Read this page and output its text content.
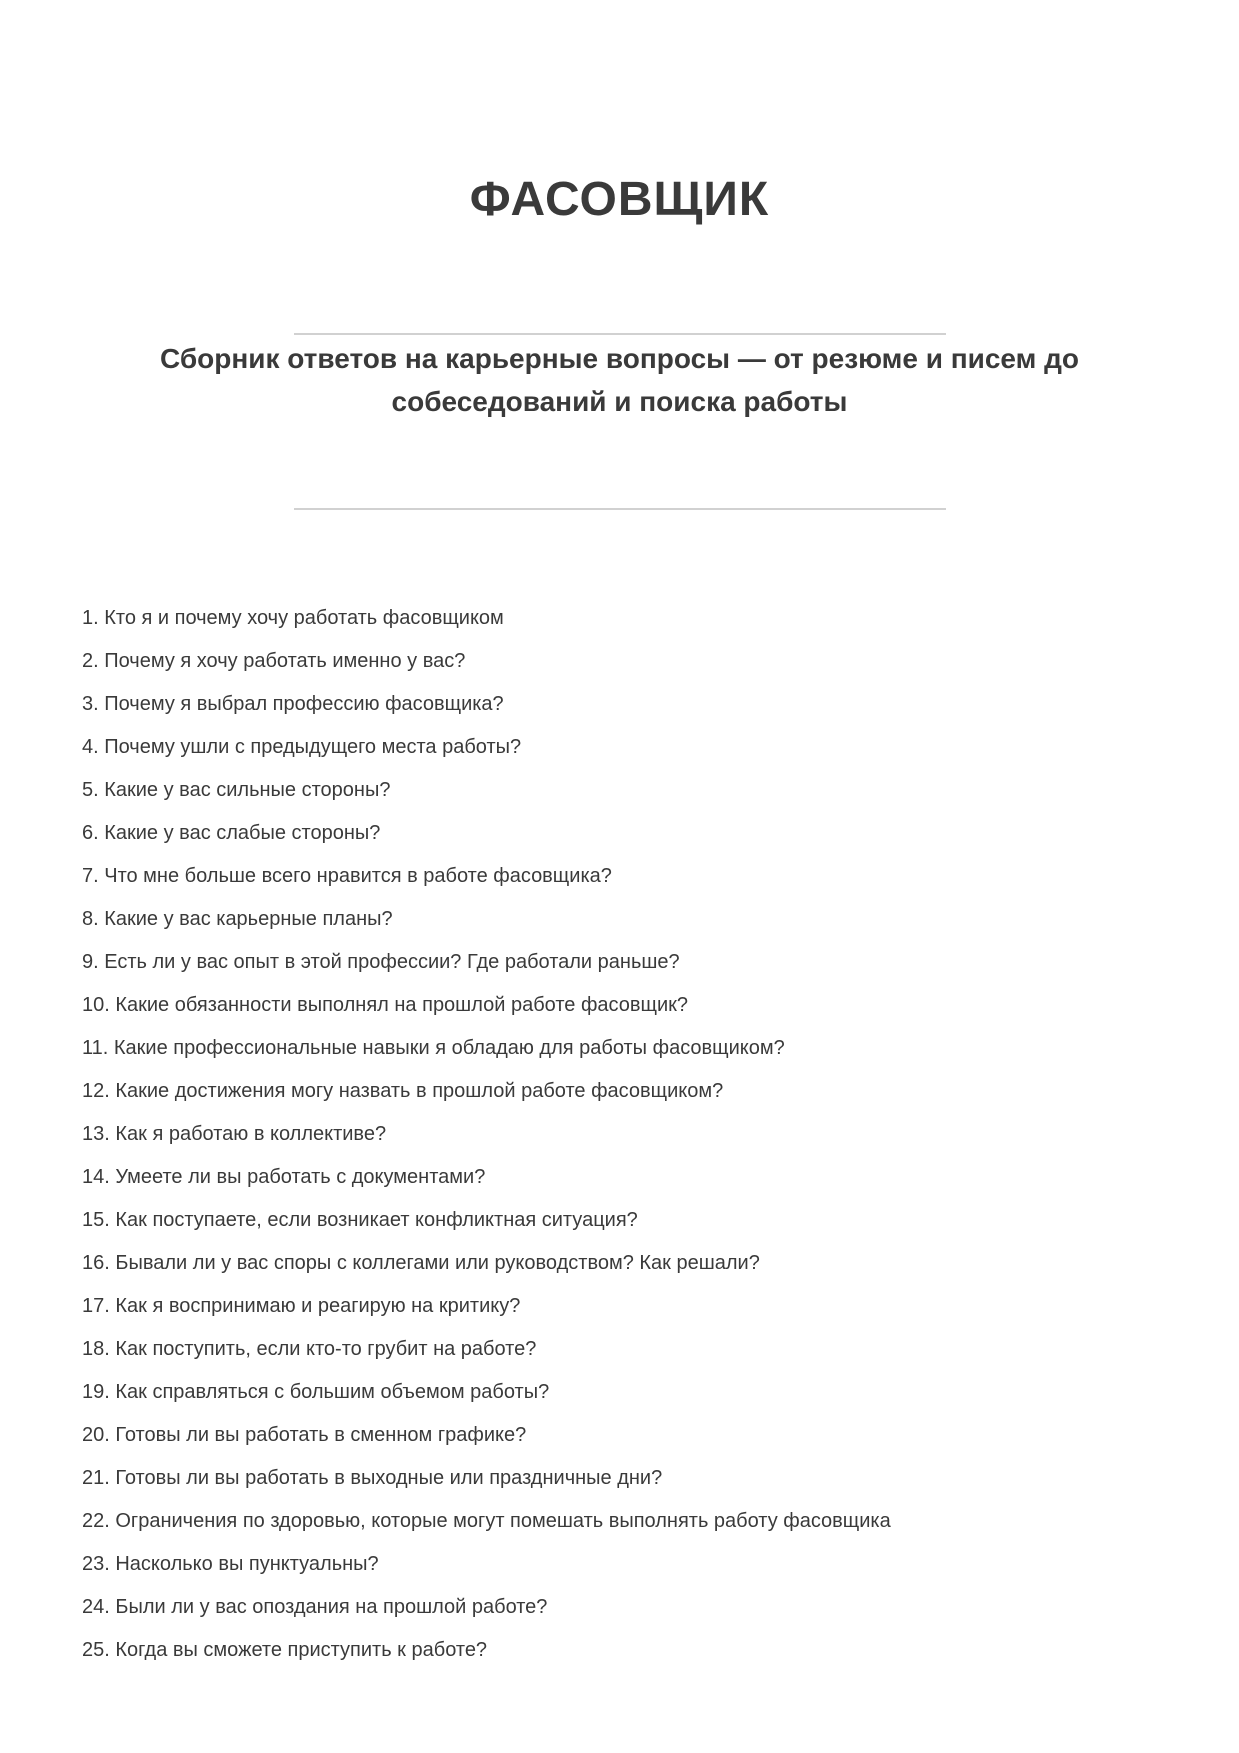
ФАСОВЩИК
Сборник ответов на карьерные вопросы — от резюме и писем до собеседований и поиска работы
1. Кто я и почему хочу работать фасовщиком
2. Почему я хочу работать именно у вас?
3. Почему я выбрал профессию фасовщика?
4. Почему ушли с предыдущего места работы?
5. Какие у вас сильные стороны?
6. Какие у вас слабые стороны?
7. Что мне больше всего нравится в работе фасовщика?
8. Какие у вас карьерные планы?
9. Есть ли у вас опыт в этой профессии? Где работали раньше?
10. Какие обязанности выполнял на прошлой работе фасовщик?
11. Какие профессиональные навыки я обладаю для работы фасовщиком?
12. Какие достижения могу назвать в прошлой работе фасовщиком?
13. Как я работаю в коллективе?
14. Умеете ли вы работать с документами?
15. Как поступаете, если возникает конфликтная ситуация?
16. Бывали ли у вас споры с коллегами или руководством? Как решали?
17. Как я воспринимаю и реагирую на критику?
18. Как поступить, если кто-то грубит на работе?
19. Как справляться с большим объемом работы?
20. Готовы ли вы работать в сменном графике?
21. Готовы ли вы работать в выходные или праздничные дни?
22. Ограничения по здоровью, которые могут помешать выполнять работу фасовщика
23. Насколько вы пунктуальны?
24. Были ли у вас опоздания на прошлой работе?
25. Когда вы сможете приступить к работе?
